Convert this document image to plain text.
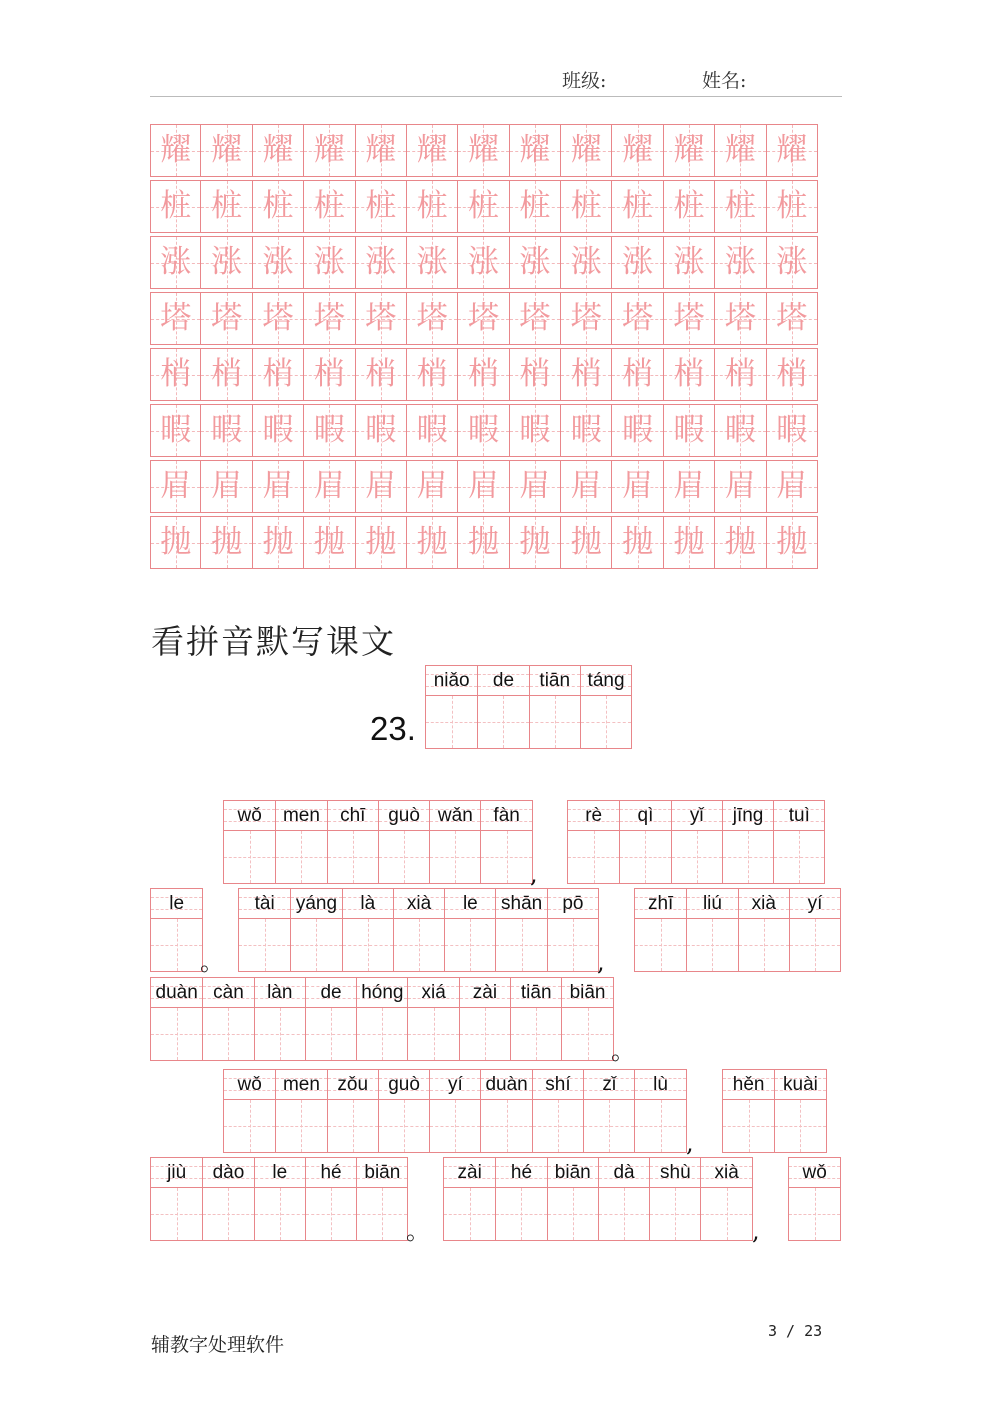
班级:	姓名:
耀 耀 耀 耀 耀 耀 耀 耀 耀 耀 耀 耀 耀
桩 桩 桩 桩 桩 桩 桩 桩 桩 桩 桩 桩 桩
涨 涨 涨 涨 涨 涨 涨 涨 涨 涨 涨 涨 涨
塔 塔 塔 塔 塔 塔 塔 塔 塔 塔 塔 塔 塔
梢 梢 梢 梢 梢 梢 梢 梢 梢 梢 梢 梢 梢
暇 暇 暇 暇 暇 暇 暇 暇 暇 暇 暇 暇 暇
眉 眉 眉 眉 眉 眉 眉 眉 眉 眉 眉 眉 眉
抛 抛 抛 抛 抛 抛 抛 抛 抛 抛 抛 抛 抛
看拼音默写课文
23.
niǎo de tiān táng
wǒ men chī guò wǎn fàn	rè qì yǐ jīng tuì
le	tài yáng là xià le shān pō	zhī liú xià yí
duàn càn làn de hóng xiá zài tiān biān
wǒ men zǒu guò yí duàn shí zǐ lù	hěn kuài
jiù dào le hé biān	zài hé biān dà shù xià	wǒ
,
。	,
。
,
。	,
辅教字处理软件
3 / 23
